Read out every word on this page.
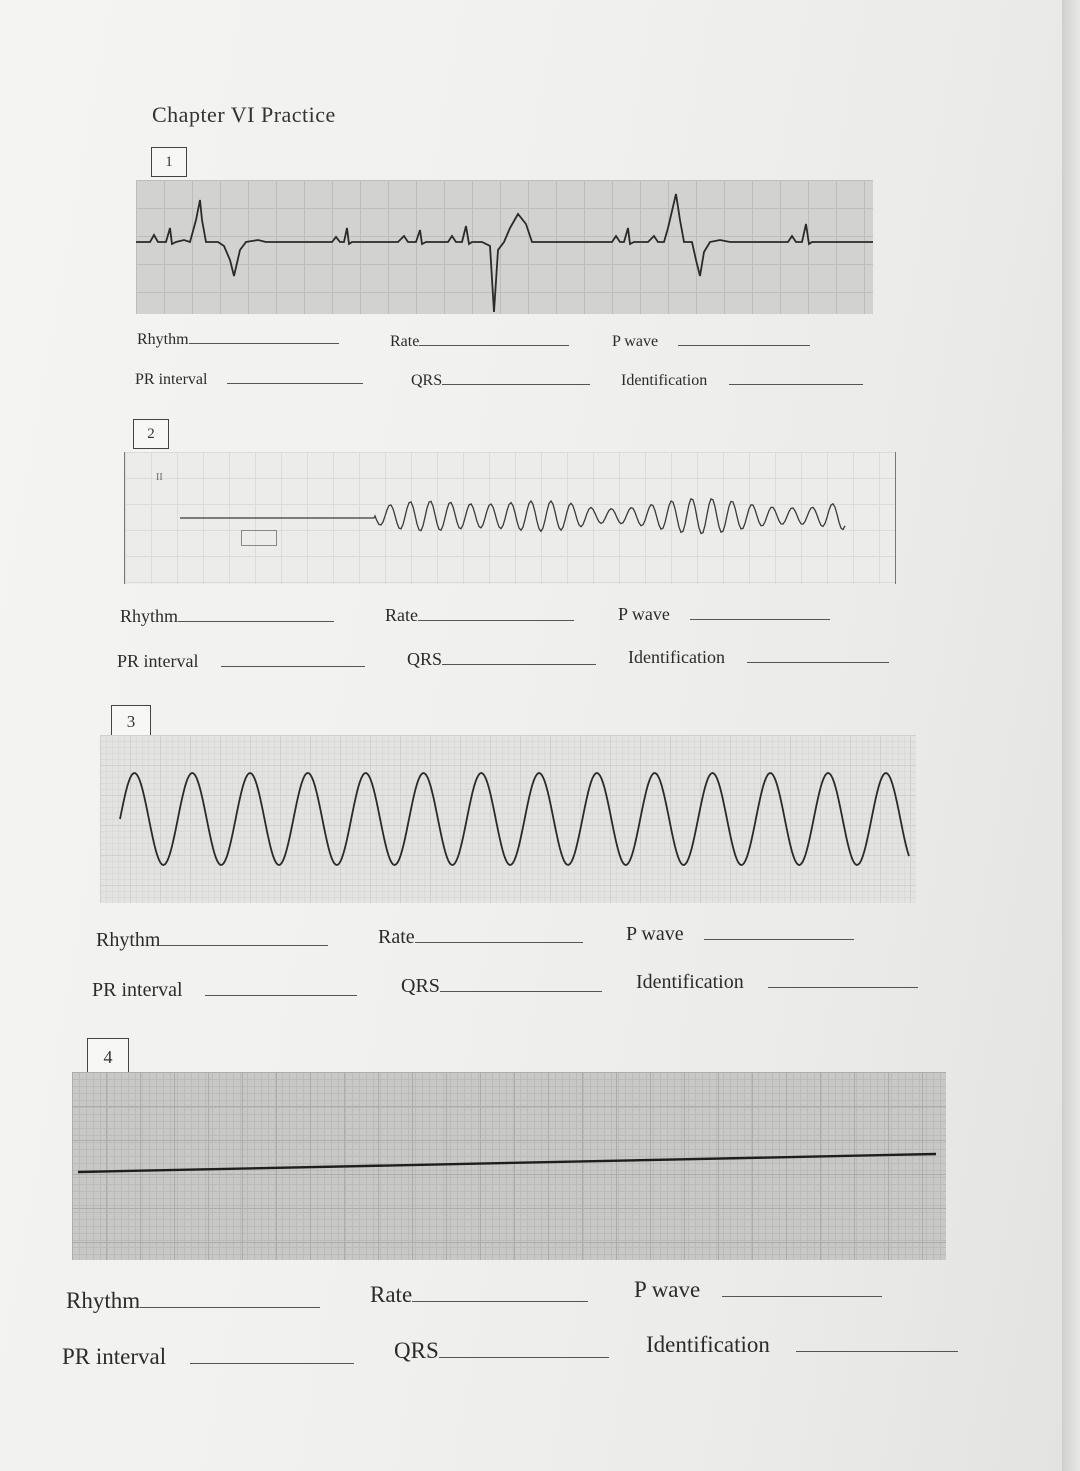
Chapter VI Practice
1
Rhythm	Rate	P wave
PR interval	QRS	Identification
2
II
Rhythm	Rate	P wave
PR interval	QRS	Identification
3
Rhythm	Rate	P wave
PR interval	QRS	Identification
4
Rhythm	Rate	P wave
PR interval	QRS	Identification
